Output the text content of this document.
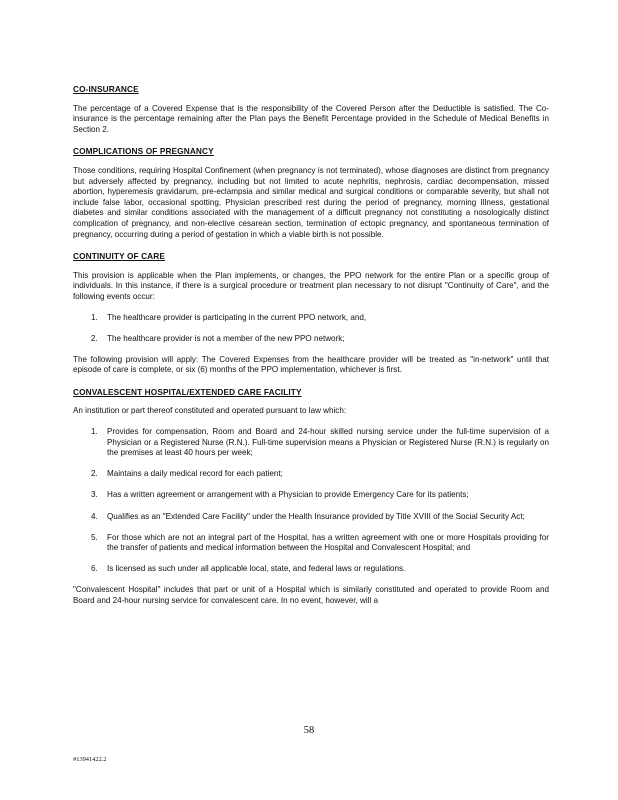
CO-INSURANCE

The percentage of a Covered Expense that is the responsibility of the Covered Person after the Deductible is satisfied. The Co-insurance is the percentage remaining after the Plan pays the Benefit Percentage provided in the Schedule of Medical Benefits in Section 2.

COMPLICATIONS OF PREGNANCY

Those conditions, requiring Hospital Confinement (when pregnancy is not terminated), whose diagnoses are distinct from pregnancy but adversely affected by pregnancy, including but not limited to acute nephritis, nephrosis, cardiac decompensation, missed abortion, hyperemesis gravidarum, pre-eclampsia and similar medical and surgical conditions or comparable severity, but shall not include false labor, occasional spotting, Physician prescribed rest during the period of pregnancy, morning Illness, gestational diabetes and similar conditions associated with the management of a difficult pregnancy not constituting a nosologically distinct complication of pregnancy, and non-elective cesarean section, termination of ectopic pregnancy, and spontaneous termination of pregnancy, occurring during a period of gestation in which a viable birth is not possible.

CONTINUITY OF CARE

This provision is applicable when the Plan implements, or changes, the PPO network for the entire Plan or a specific group of individuals. In this instance, if there is a surgical procedure or treatment plan necessary to not disrupt "Continuity of Care", and the following events occur:

1.	The healthcare provider is participating in the current PPO network, and,
2.	The healthcare provider is not a member of the new PPO network;

The following provision will apply: The Covered Expenses from the healthcare provider will be treated as "in-network" until that episode of care is complete, or six (6) months of the PPO implementation, whichever is first.

CONVALESCENT HOSPITAL/EXTENDED CARE FACILITY

An institution or part thereof constituted and operated pursuant to law which:

1.	Provides for compensation, Room and Board and 24-hour skilled nursing service under the full-time supervision of a Physician or a Registered Nurse (R.N.). Full-time supervision means a Physician or Registered Nurse (R.N.) is regularly on the premises at least 40 hours per week;
2.	Maintains a daily medical record for each patient;
3.	Has a written agreement or arrangement with a Physician to provide Emergency Care for its patients;
4.	Qualifies as an "Extended Care Facility" under the Health Insurance provided by Title XVIII of the Social Security Act;
5.	For those which are not an integral part of the Hospital, has a written agreement with one or more Hospitals providing for the transfer of patients and medical information between the Hospital and Convalescent Hospital; and
6.	Is licensed as such under all applicable local, state, and federal laws or regulations.

"Convalescent Hospital" includes that part or unit of a Hospital which is similarly constituted and operated to provide Room and Board and 24-hour nursing service for convalescent care. In no event, however, will a

58
#13941422.2
